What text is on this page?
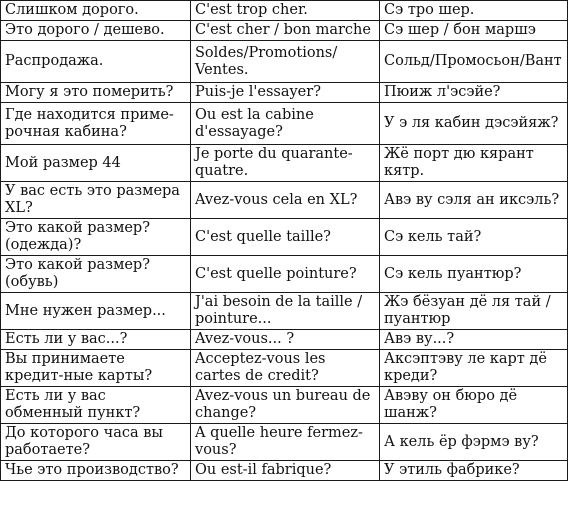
Слишком дорого.	C'est trop cher.	Сэ тро шер.
Это дорого / дешево.	C'est cher / bon marche	Сэ шер / бон маршэ
Распродажа.	Soldes/Promotions/ Ventes.	Сольд/Промосьон/Вант
Могу я это померить?	Puis-je l'essayer?	Пюиж л'эсэйе?
Где находится приме-рочная кабина?	Ou est la cabine d'essayage?	У э ля кабин дэсэйяж?
Мой размер 44	Je porte du quarante-quatre.	Жё порт дю кярант кятр.
У вас есть это размера XL?	Avez-vous cela en XL?	Авэ ву сэля ан иксэль?
Это какой размер? (одежда)?	C'est quelle taille?	Сэ кель тай?
Это какой размер? (обувь)	C'est quelle pointure?	Сэ кель пуантюр?
Мне нужен размер...	J'ai besoin de la taille / pointure...	Жэ бёзуан дё ля тай / пуантюр
Есть ли у вас...?	Avez-vous... ?	Авэ ву...?
Вы принимаете кредит-ные карты?	Acceptez-vous les cartes de credit?	Аксэптэву ле карт дё креди?
Есть ли у вас обменный пункт?	Avez-vous un bureau de change?	Авэву он бюро дё шанж?
До которого часа вы работаете?	A quelle heure fermez-vous?	А кель ёр фэрмэ ву?
Чье это производство?	Ou est-il fabrique?	У этиль фабрике?
